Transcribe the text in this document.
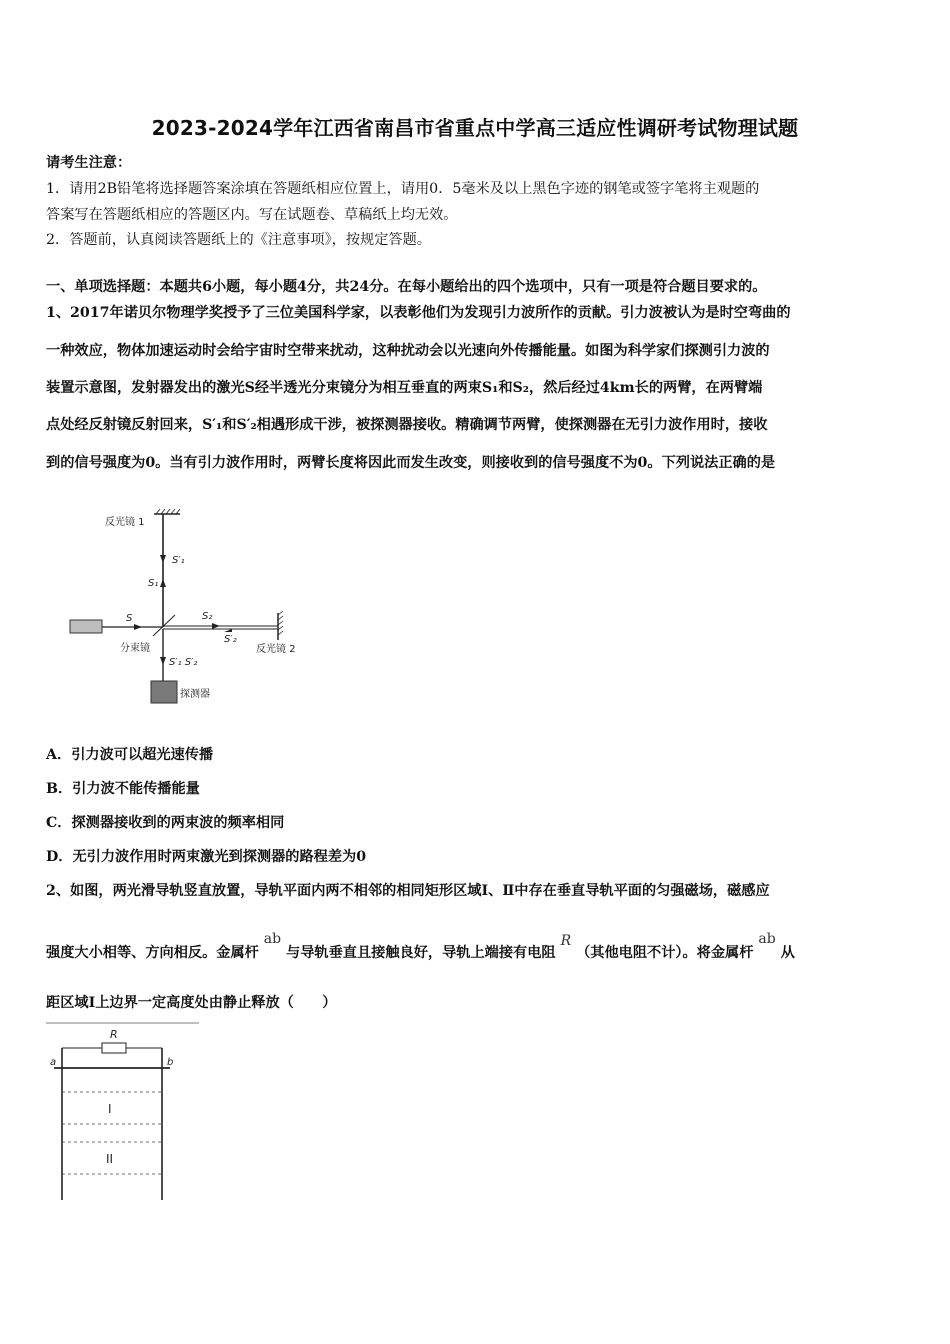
2023-2024学年江西省南昌市省重点中学高三适应性调研考试物理试题
请考生注意：
1．请用2B铅笔将选择题答案涂填在答题纸相应位置上，请用0．5毫米及以上黑色字迹的钢笔或签字笔将主观题的
答案写在答题纸相应的答题区内。写在试题卷、草稿纸上均无效。
2．答题前，认真阅读答题纸上的《注意事项》，按规定答题。
一、单项选择题：本题共6小题，每小题4分，共24分。在每小题给出的四个选项中，只有一项是符合题目要求的。
1、2017年诺贝尔物理学奖授予了三位美国科学家，以表彰他们为发现引力波所作的贡献。引力波被认为是时空弯曲的
一种效应，物体加速运动时会给宇宙时空带来扰动，这种扰动会以光速向外传播能量。如图为科学家们探测引力波的
装置示意图，发射器发出的激光S经半透光分束镜分为相互垂直的两束S₁和S₂，然后经过4km长的两臂，在两臂端
点处经反射镜反射回来，S′₁和S′₂相遇形成干涉，被探测器接收。精确调节两臂，使探测器在无引力波作用时，接收
到的信号强度为0。当有引力波作用时，两臂长度将因此而发生改变，则接收到的信号强度不为0。下列说法正确的是
反光镜 1
S′₁
S₁
S
分束镜
S₂
S′₂
反光镜 2
S′₁ S′₂
探测器
A．引力波可以超光速传播
B．引力波不能传播能量
C．探测器接收到的两束波的频率相同
D．无引力波作用时两束激光到探测器的路程差为0
2、如图，两光滑导轨竖直放置，导轨平面内两不相邻的相同矩形区域Ⅰ、Ⅱ中存在垂直导轨平面的匀强磁场，磁感应
强度大小相等、方向相反。金属杆 ab 与导轨垂直且接触良好，导轨上端接有电阻 R （其他电阻不计）。将金属杆 ab 从
距区域Ⅰ上边界一定高度处由静止释放（　　）
R
a	b
I
II
